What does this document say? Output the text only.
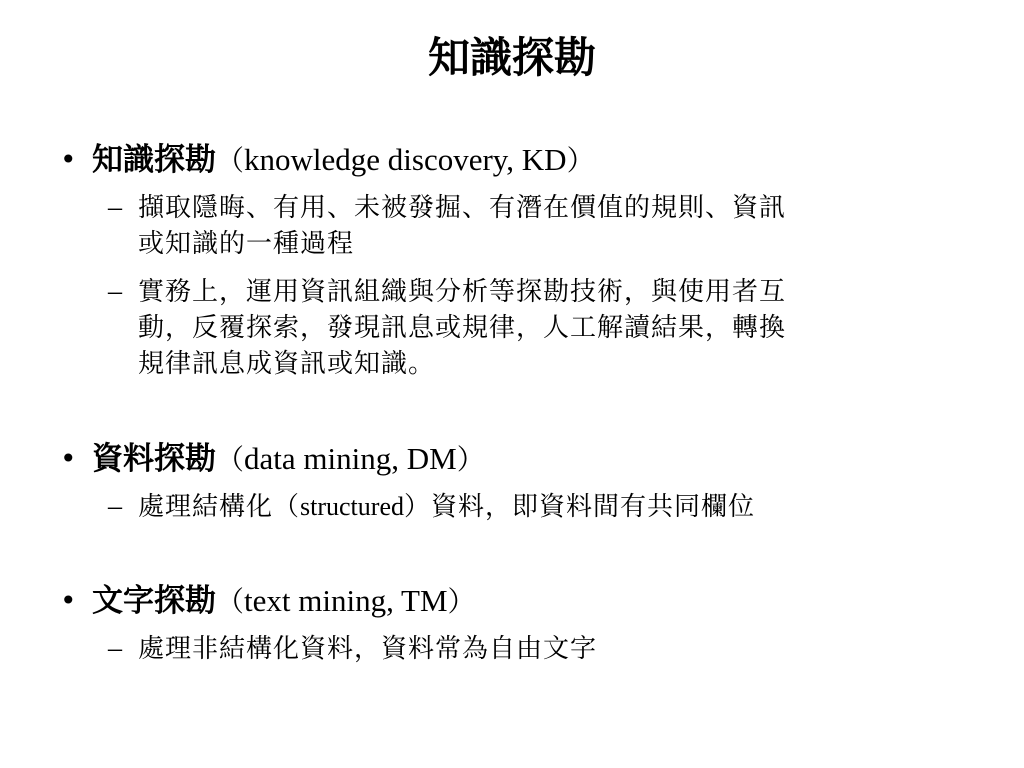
知識探勘
• 知識探勘（knowledge discovery, KD）
– 擷取隱晦、有用、未被發掘、有潛在價值的規則、資訊
或知識的一種過程
– 實務上，運用資訊組織與分析等探勘技術，與使用者互
動，反覆探索，發現訊息或規律，人工解讀結果，轉換
規律訊息成資訊或知識。
• 資料探勘（data mining, DM）
– 處理結構化（structured）資料，即資料間有共同欄位
• 文字探勘（text mining, TM）
– 處理非結構化資料，資料常為自由文字
